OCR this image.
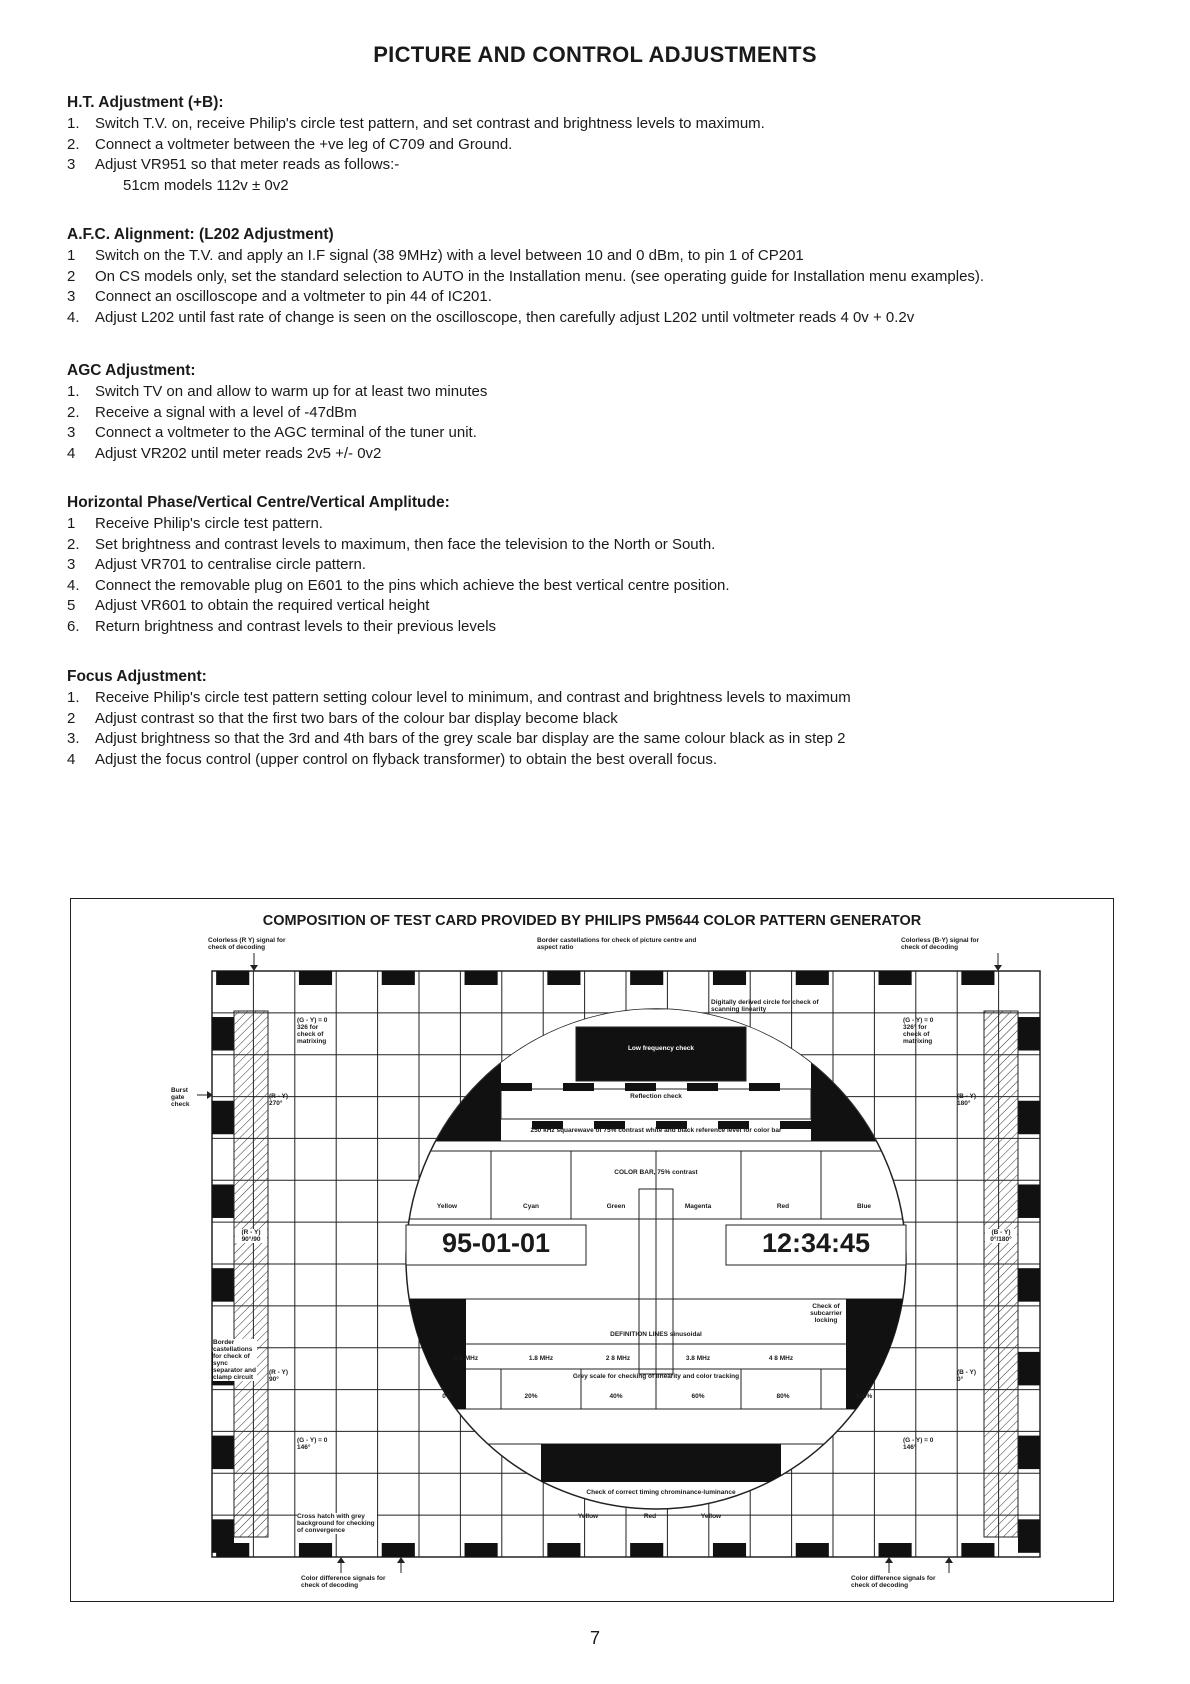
PICTURE AND CONTROL ADJUSTMENTS
H.T. Adjustment (+B):
1.	Switch T.V. on, receive Philip's circle test pattern, and set contrast and brightness levels to maximum.
2.	Connect a voltmeter between the +ve leg of C709 and Ground.
3	Adjust VR951 so that meter reads as follows:-
51cm models 112v ± 0v2
A.F.C. Alignment: (L202 Adjustment)
1	Switch on the T.V. and apply an I.F signal (38 9MHz) with a level between 10 and 0 dBm, to pin 1 of CP201
2	On CS models only, set the standard selection to AUTO in the Installation menu. (see operating guide for Installation menu examples).
3	Connect an oscilloscope and a voltmeter to pin 44 of IC201.
4.	Adjust L202 until fast rate of change is seen on the oscilloscope, then carefully adjust L202 until voltmeter reads 4 0v + 0.2v
AGC Adjustment:
1.	Switch TV on and allow to warm up for at least two minutes
2.	Receive a signal with a level of -47dBm
3	Connect a voltmeter to the AGC terminal of the tuner unit.
4	Adjust VR202 until meter reads 2v5 +/- 0v2
Horizontal Phase/Vertical Centre/Vertical Amplitude:
1	Receive Philip's circle test pattern.
2.	Set brightness and contrast levels to maximum, then face the television to the North or South.
3	Adjust VR701 to centralise circle pattern.
4.	Connect the removable plug on E601 to the pins which achieve the best vertical centre position.
5	Adjust VR601 to obtain the required vertical height
6.	Return brightness and contrast levels to their previous levels
Focus Adjustment:
1.	Receive Philip's circle test pattern setting colour level to minimum, and contrast and brightness levels to maximum
2	Adjust contrast so that the first two bars of the colour bar display become black
3.	Adjust brightness so that the 3rd and 4th bars of the grey scale bar display are the same colour black as in step 2
4	Adjust the focus control (upper control on flyback transformer) to obtain the best overall focus.
COMPOSITION OF TEST CARD PROVIDED BY PHILIPS PM5644 COLOR PATTERN GENERATOR
Colorless (R Y) signal for check of decoding
Border castellations for check of picture centre and aspect ratio
Colorless (B-Y) signal for check of decoding
Burst gate check
Digitally derived circle for check of scanning linearity
Low frequency check
Reflection check
250 kHz squarewave of 75% contrast white and black reference level for color bar
COLOR BAR, 75% contrast
Yellow	Cyan	Green	Magenta	Red	Blue
95-01-01	12:34:45
Check of subcarrier locking
DEFINITION LINES sinusoidal
0.8 MHz	1.8 MHz	2 8 MHz	3.8 MHz	4 8 MHz
Grey scale for checking of linearity and color tracking
0%	20%	40%	60%	80%	100%
Check of correct timing chrominance-luminance
Yellow	Red	Yellow
(G - Y) = 0 326 for check of matrixing
(G - Y) = 0 326° for check of matrixing
(R - Y) 270°
(B - Y) 180°
(R - Y) 90°/90
(B - Y) 0°/180°
Border castellations for check of sync separator and clamp circuit
(R - Y) 90°
(B - Y) 0°
(G - Y) = 0 146°
(G - Y) = 0 146°
Cross hatch with grey background for checking of convergence
Color difference signals for check of decoding
Color difference signals for check of decoding
7
